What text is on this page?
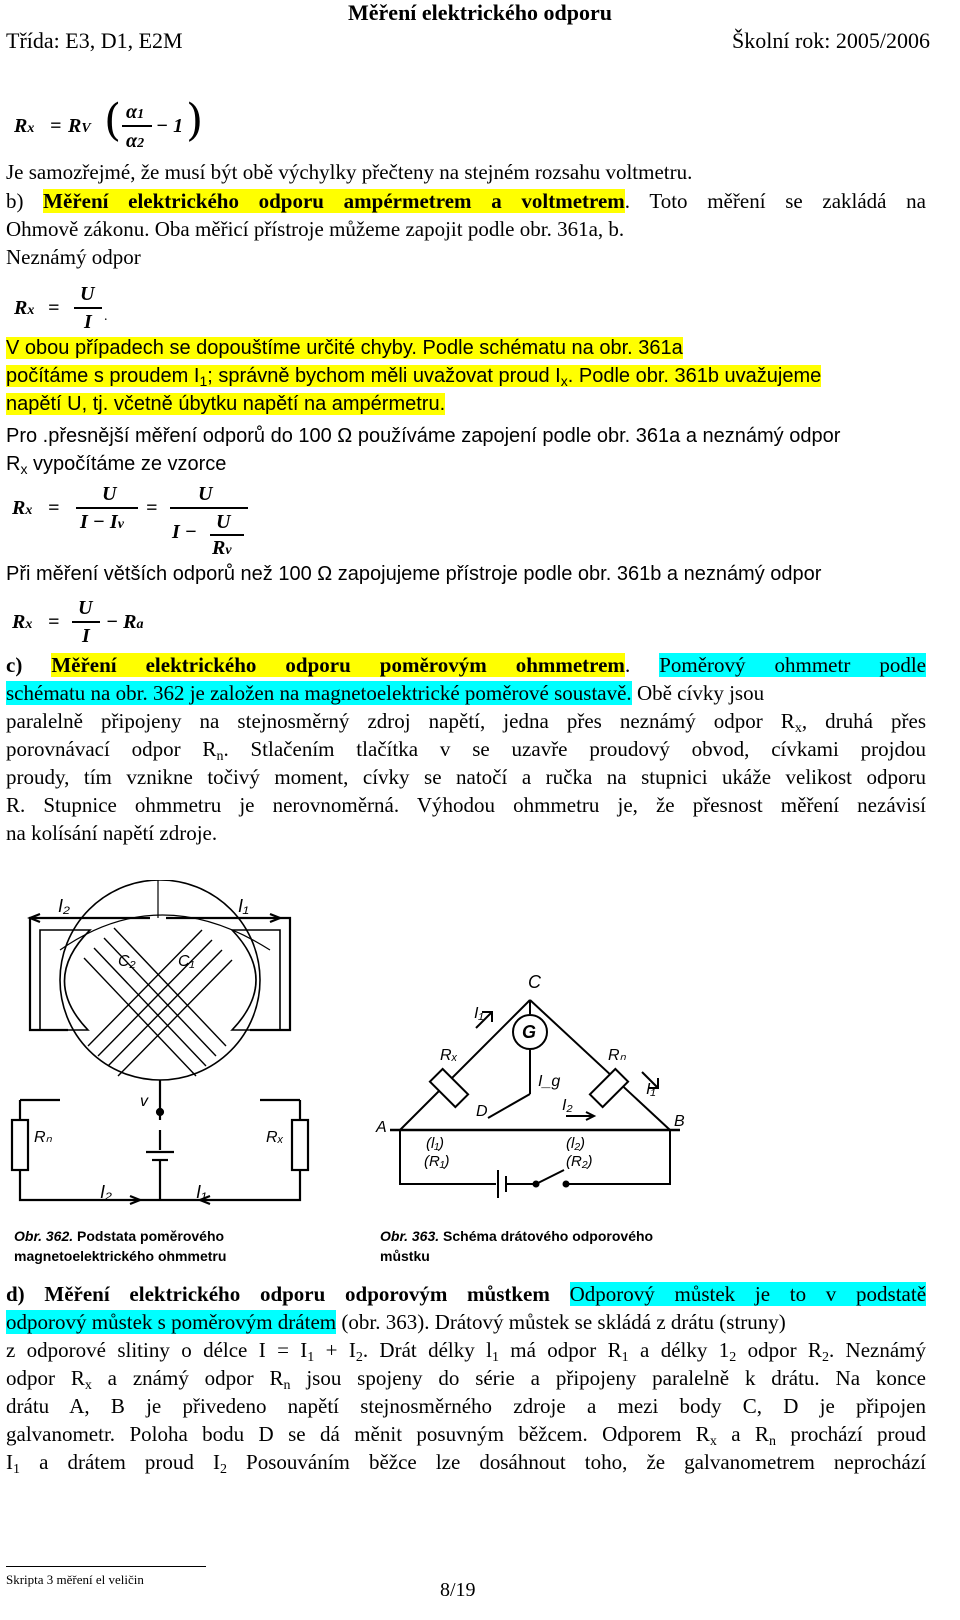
Měření elektrického odporu
Třída: E3, D1, E2M	Školní rok: 2005/2006
Rx = RV ( α1
α2
− 1 )
Je samozřejmé, že musí být obě výchylky přečteny na stejném rozsahu voltmetru.
b) Měření elektrického odporu ampérmetrem a voltmetrem. Toto měření se zakládá na
Ohmově zákonu. Oba měřicí přístroje můžeme zapojit podle obr. 361a, b.
Neznámý odpor
Rx =
U
I .
V obou případech se dopouštíme určité chyby. Podle schématu na obr. 361a
počítáme s proudem $I_1$; správně bychom měli uvažovat proud $I_x$. Podle obr. 361b uvažujeme
napětí U, tj. včetně úbytku napětí na ampérmetru.
Pro .přesnější měření odporů do 100 Ω používáme zapojení podle obr. 361a a neznámý odpor
$R_x$ vypočítáme ze vzorce
Rx =
U
I − Iv
=
U
I − U
Rv
Při měření větších odporů než 100 Ω zapojujeme přístroje podle obr. 361b a neznámý odpor
Rx =
U
I
− Ra
c) Měření elektrického odporu poměrovým ohmmetrem. Poměrový ohmmetr podle
schématu na obr. 362 je založen na magnetoelektrické poměrové soustavě. Obě cívky jsou
paralelně připojeny na stejnosměrný zdroj napětí, jedna přes neznámý odpor $R_x$, druhá přes
porovnávací odpor $R_n$. Stlačením tlačítka v se uzavře proudový obvod, cívkami projdou
proudy, tím vznikne točivý moment, cívky se natočí a ručka na stupnici ukáže velikost odporu
R. Stupnice ohmmetru je nerovnoměrná. Výhodou ohmmetru je, že přesnost měření nezávisí
na kolísání napětí zdroje.
I₂	I₁
C₂	C₁
v
Rₙ	Rₓ
I₂	I₁
C
G
I₁
Rₓ	Rₙ
I₁
I_g
D	I₂
A	B
(l₁)	(l₂)
(R₁)	(R₂)
Obr. 362. Podstata poměrového
magnetoelektrického ohmmetru
Obr. 363. Schéma drátového odporového
můstku
d) Měření elektrického odporu odporovým můstkem Odporový můstek je to v podstatě
odporový můstek s poměrovým drátem (obr. 363). Drátový můstek se skládá z drátu (struny)
z odporové slitiny o délce $I = I_1 + I_2$. Drát délky $l_1$ má odpor $R_1$ a délky $1_2$ odpor $R_2$. Neznámý
odpor $R_x$ a známý odpor $R_n$ jsou spojeny do série a připojeny paralelně k drátu. Na konce
drátu A, B je přivedeno napětí stejnosměrného zdroje a mezi body C, D je připojen
galvanometr. Poloha bodu D se dá měnit posuvným běžcem. Odporem $R_x$ a $R_n$ prochází proud
$I_1$ a drátem proud $I_2$ Posouváním běžce lze dosáhnout toho, že galvanometrem neprochází
Skripta 3 měření el veličin	8/19
